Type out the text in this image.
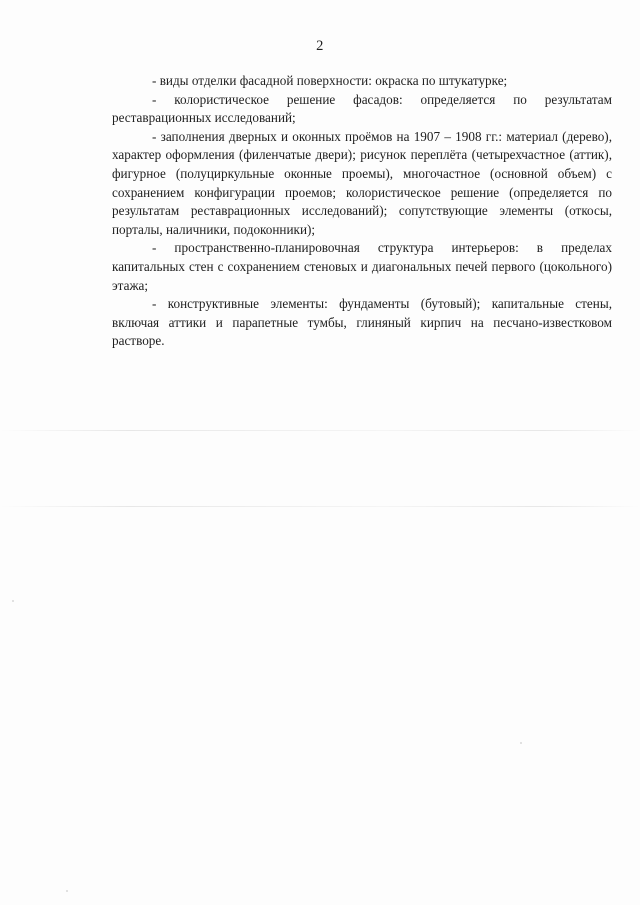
2

- виды отделки фасадной поверхности: окраска по штукатурке;

- колористическое решение фасадов: определяется по результатам реставрационных исследований;

- заполнения дверных и оконных проёмов на 1907 – 1908 гг.: материал (дерево), характер оформления (филенчатые двери); рисунок переплёта (четырехчастное (аттик), фигурное (полуциркульные оконные проемы), многочастное (основной объем) с сохранением конфигурации проемов; колористическое решение (определяется по результатам реставрационных исследований); сопутствующие элементы (откосы, порталы, наличники, подоконники);

- пространственно-планировочная структура интерьеров: в пределах капитальных стен с сохранением стеновых и диагональных печей первого (цокольного) этажа;

- конструктивные элементы: фундаменты (бутовый); капитальные стены, включая аттики и парапетные тумбы, глиняный кирпич на песчано-известковом растворе.
